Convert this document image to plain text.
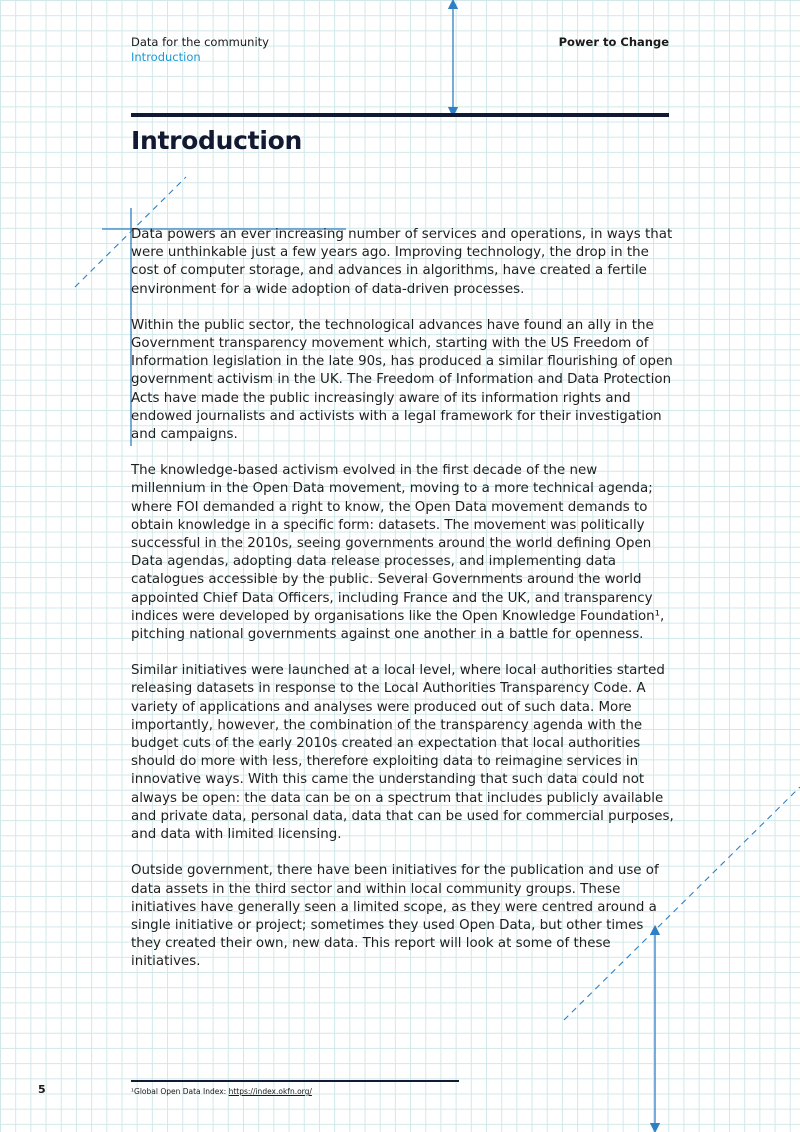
Data for the community
Introduction
Power to Change
Introduction

Data powers an ever increasing number of services and operations, in ways that were unthinkable just a few years ago. Improving technology, the drop in the cost of computer storage, and advances in algorithms, have created a fertile environment for a wide adoption of data-driven processes.

Within the public sector, the technological advances have found an ally in the Government transparency movement which, starting with the US Freedom of Information legislation in the late 90s, has produced a similar flourishing of open government activism in the UK. The Freedom of Information and Data Protection Acts have made the public increasingly aware of its information rights and endowed journalists and activists with a legal framework for their investigation and campaigns.

The knowledge-based activism evolved in the first decade of the new millennium in the Open Data movement, moving to a more technical agenda; where FOI demanded a right to know, the Open Data movement demands to obtain knowledge in a specific form: datasets. The movement was politically successful in the 2010s, seeing governments around the world defining Open Data agendas, adopting data release processes, and implementing data catalogues accessible by the public. Several Governments around the world appointed Chief Data Officers, including France and the UK, and transparency indices were developed by organisations like the Open Knowledge Foundation¹, pitching national governments against one another in a battle for openness.

Similar initiatives were launched at a local level, where local authorities started releasing datasets in response to the Local Authorities Transparency Code. A variety of applications and analyses were produced out of such data. More importantly, however, the combination of the transparency agenda with the budget cuts of the early 2010s created an expectation that local authorities should do more with less, therefore exploiting data to reimagine services in innovative ways. With this came the understanding that such data could not always be open: the data can be on a spectrum that includes publicly available and private data, personal data, data that can be used for commercial purposes, and data with limited licensing.

Outside government, there have been initiatives for the publication and use of data assets in the third sector and within local community groups. These initiatives have generally seen a limited scope, as they were centred around a single initiative or project; sometimes they used Open Data, but other times they created their own, new data. This report will look at some of these initiatives.

5	¹Global Open Data Index: https://index.okfn.org/
